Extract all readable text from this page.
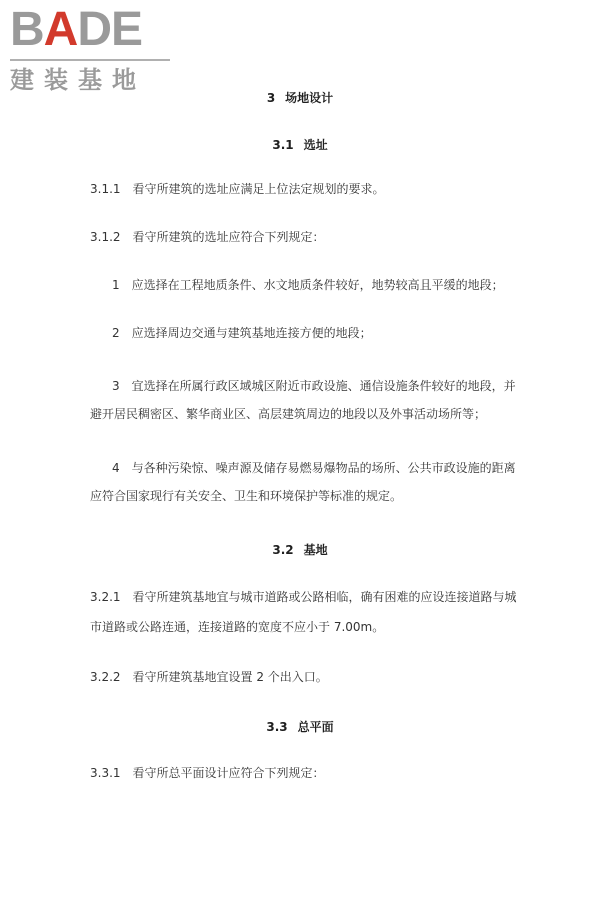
BADE
建装基地
3 场地设计
3.1 选址
3.1.1 看守所建筑的选址应满足上位法定规划的要求。
3.1.2 看守所建筑的选址应符合下列规定：
1 应选择在工程地质条件、水文地质条件较好，地势较高且平缓的地段；
2 应选择周边交通与建筑基地连接方便的地段；
3 宜选择在所属行政区域城区附近市政设施、通信设施条件较好的地段，并避开居民稠密区、繁华商业区、高层建筑周边的地段以及外事活动场所等；
4 与各种污染惊、噪声源及储存易燃易爆物品的场所、公共市政设施的距离应符合国家现行有关安全、卫生和环境保护等标准的规定。
3.2 基地
3.2.1 看守所建筑基地宜与城市道路或公路相临，确有困难的应设连接道路与城市道路或公路连通，连接道路的宽度不应小于 7.00m。
3.2.2 看守所建筑基地宜设置 2 个出入口。
3.3 总平面
3.3.1 看守所总平面设计应符合下列规定：
